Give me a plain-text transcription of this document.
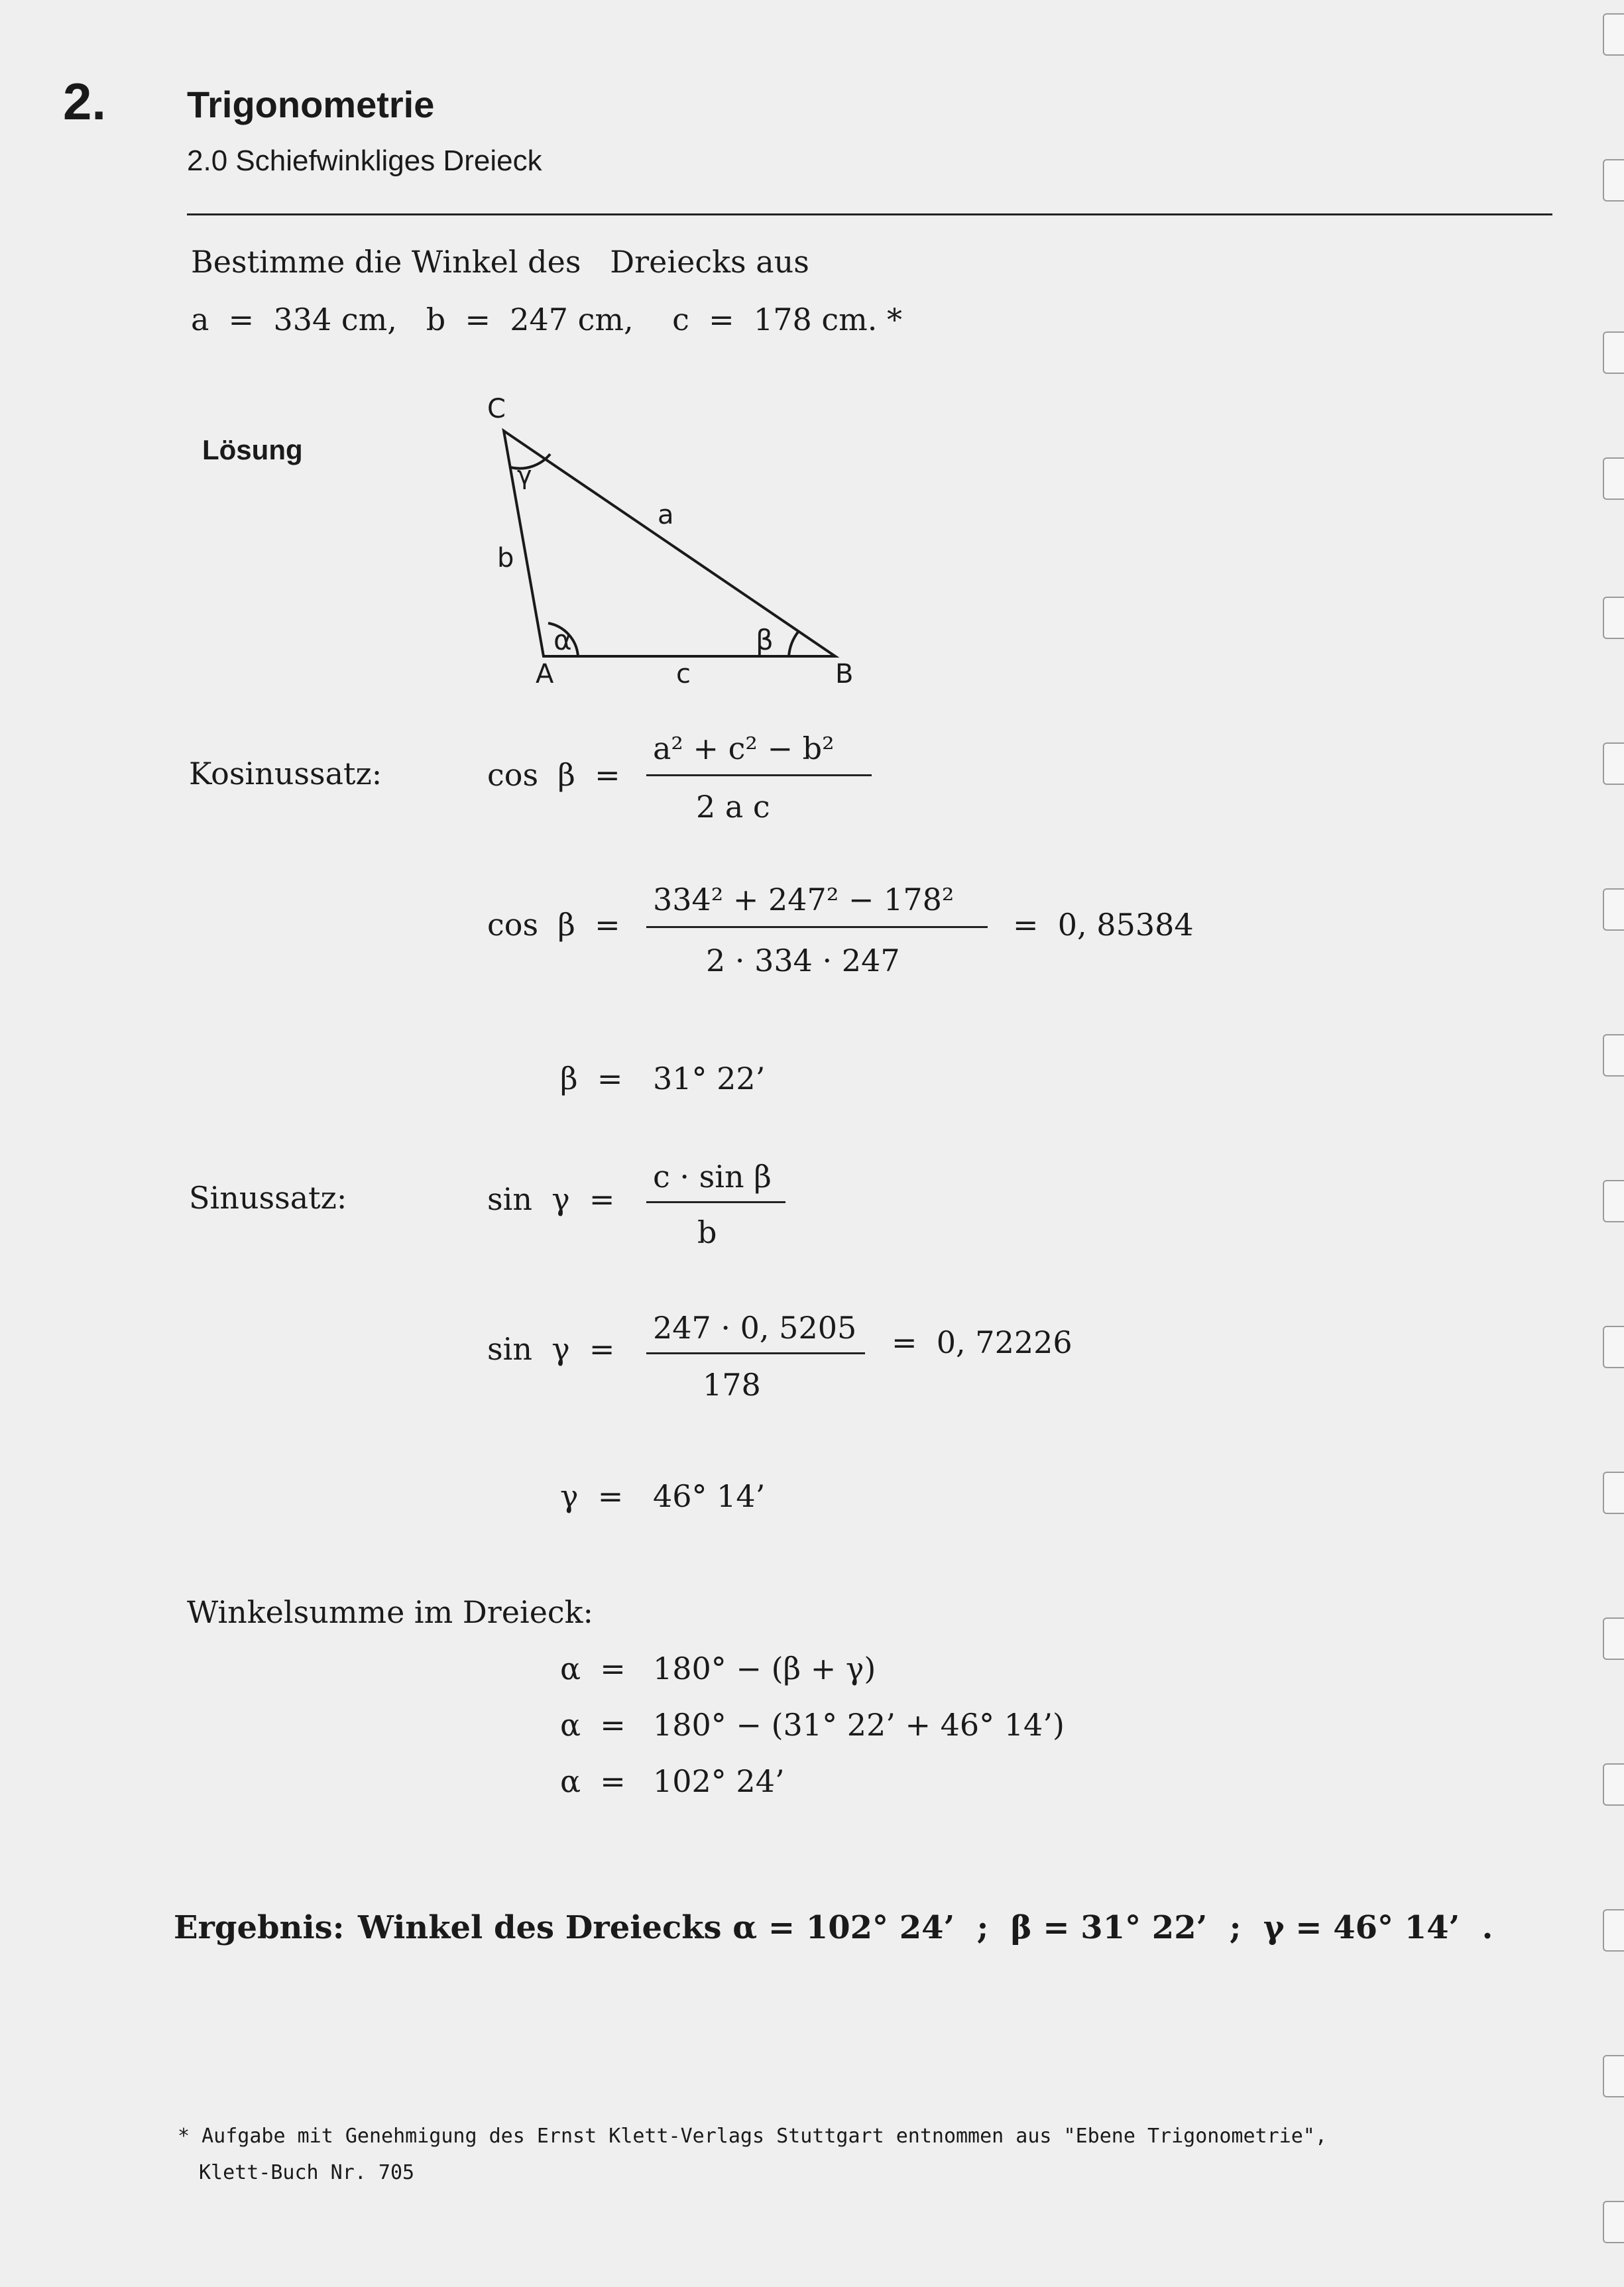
2. Trigonometrie
2.0 Schiefwinkliges Dreieck
Bestimme die Winkel des   Dreiecks aus
a  =  334 cm,   b  =  247 cm,    c  =  178 cm. *
Lösung
C
A	B
a
b
c
γ
α	β
Kosinussatz:	cos  β  =
a² + c² − b²
2 a c
cos  β  =
334² + 247² − 178²
2 · 334 · 247
=  0, 85384
β  = 31° 22’
Sinussatz:	sin  γ  =
c · sin β
b
sin  γ  =
247 · 0, 5205
178
=  0, 72226
γ  = 46° 14’
Winkelsumme im Dreieck:
α  = 180° − (β + γ)
α  = 180° − (31° 22’ + 46° 14’)
α  = 102° 24’
Ergebnis: Winkel des Dreiecks α = 102° 24’  ;  β = 31° 22’  ;  γ = 46° 14’  .
* Aufgabe mit Genehmigung des Ernst Klett-Verlags Stuttgart entnommen aus "Ebene Trigonometrie",
Klett-Buch Nr. 705
